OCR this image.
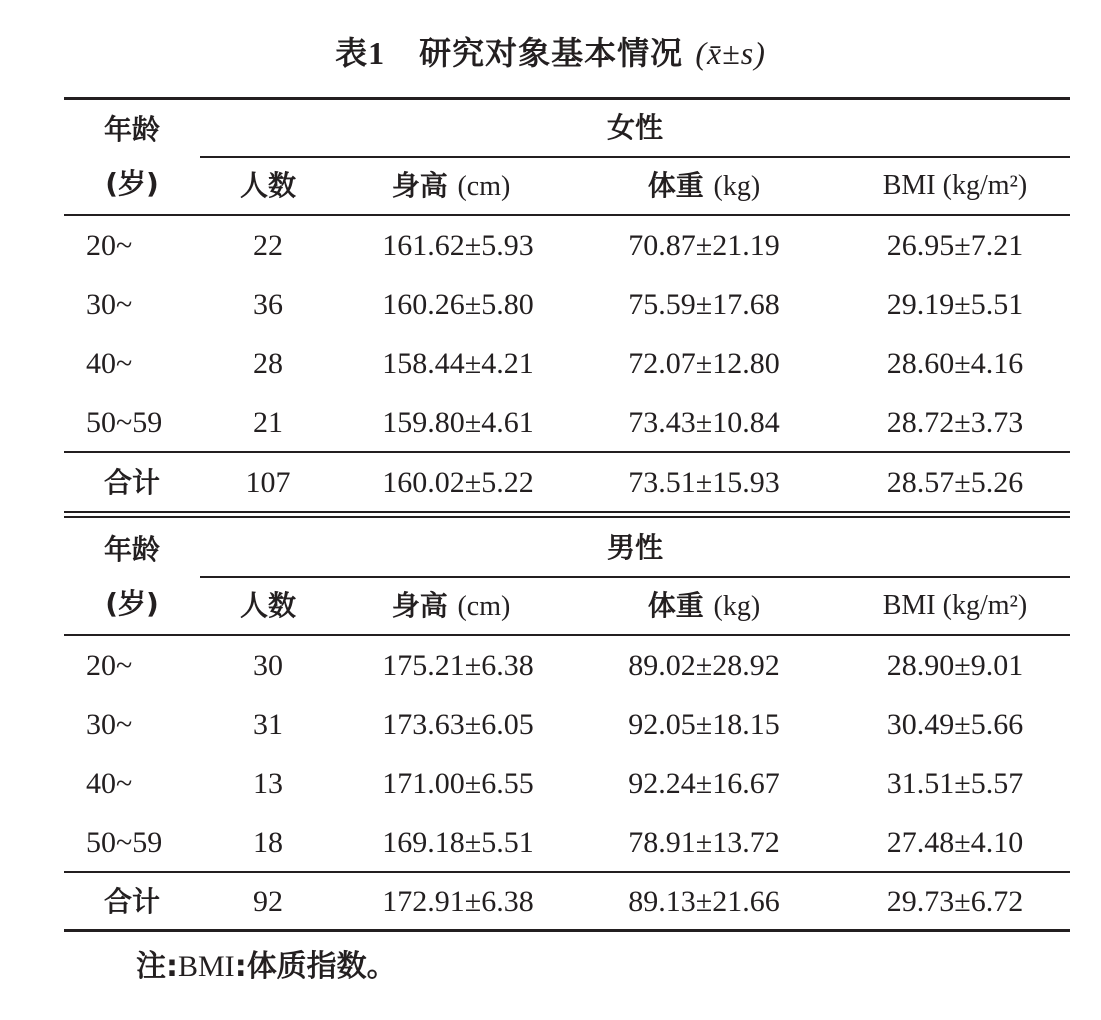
表1 研究对象基本情况 (x̄±s)
年龄	女性
(岁)	人数	身高 (cm)	体重 (kg)	BMI (kg/m²)
20~	22	161.62±5.93	70.87±21.19	26.95±7.21
30~	36	160.26±5.80	75.59±17.68	29.19±5.51
40~	28	158.44±4.21	72.07±12.80	28.60±4.16
50~59	21	159.80±4.61	73.43±10.84	28.72±3.73
合计	107	160.02±5.22	73.51±15.93	28.57±5.26
年龄	男性
(岁)	人数	身高 (cm)	体重 (kg)	BMI (kg/m²)
20~	30	175.21±6.38	89.02±28.92	28.90±9.01
30~	31	173.63±6.05	92.05±18.15	30.49±5.66
40~	13	171.00±6.55	92.24±16.67	31.51±5.57
50~59	18	169.18±5.51	78.91±13.72	27.48±4.10
合计	92	172.91±6.38	89.13±21.66	29.73±6.72
注:BMI:体质指数。
